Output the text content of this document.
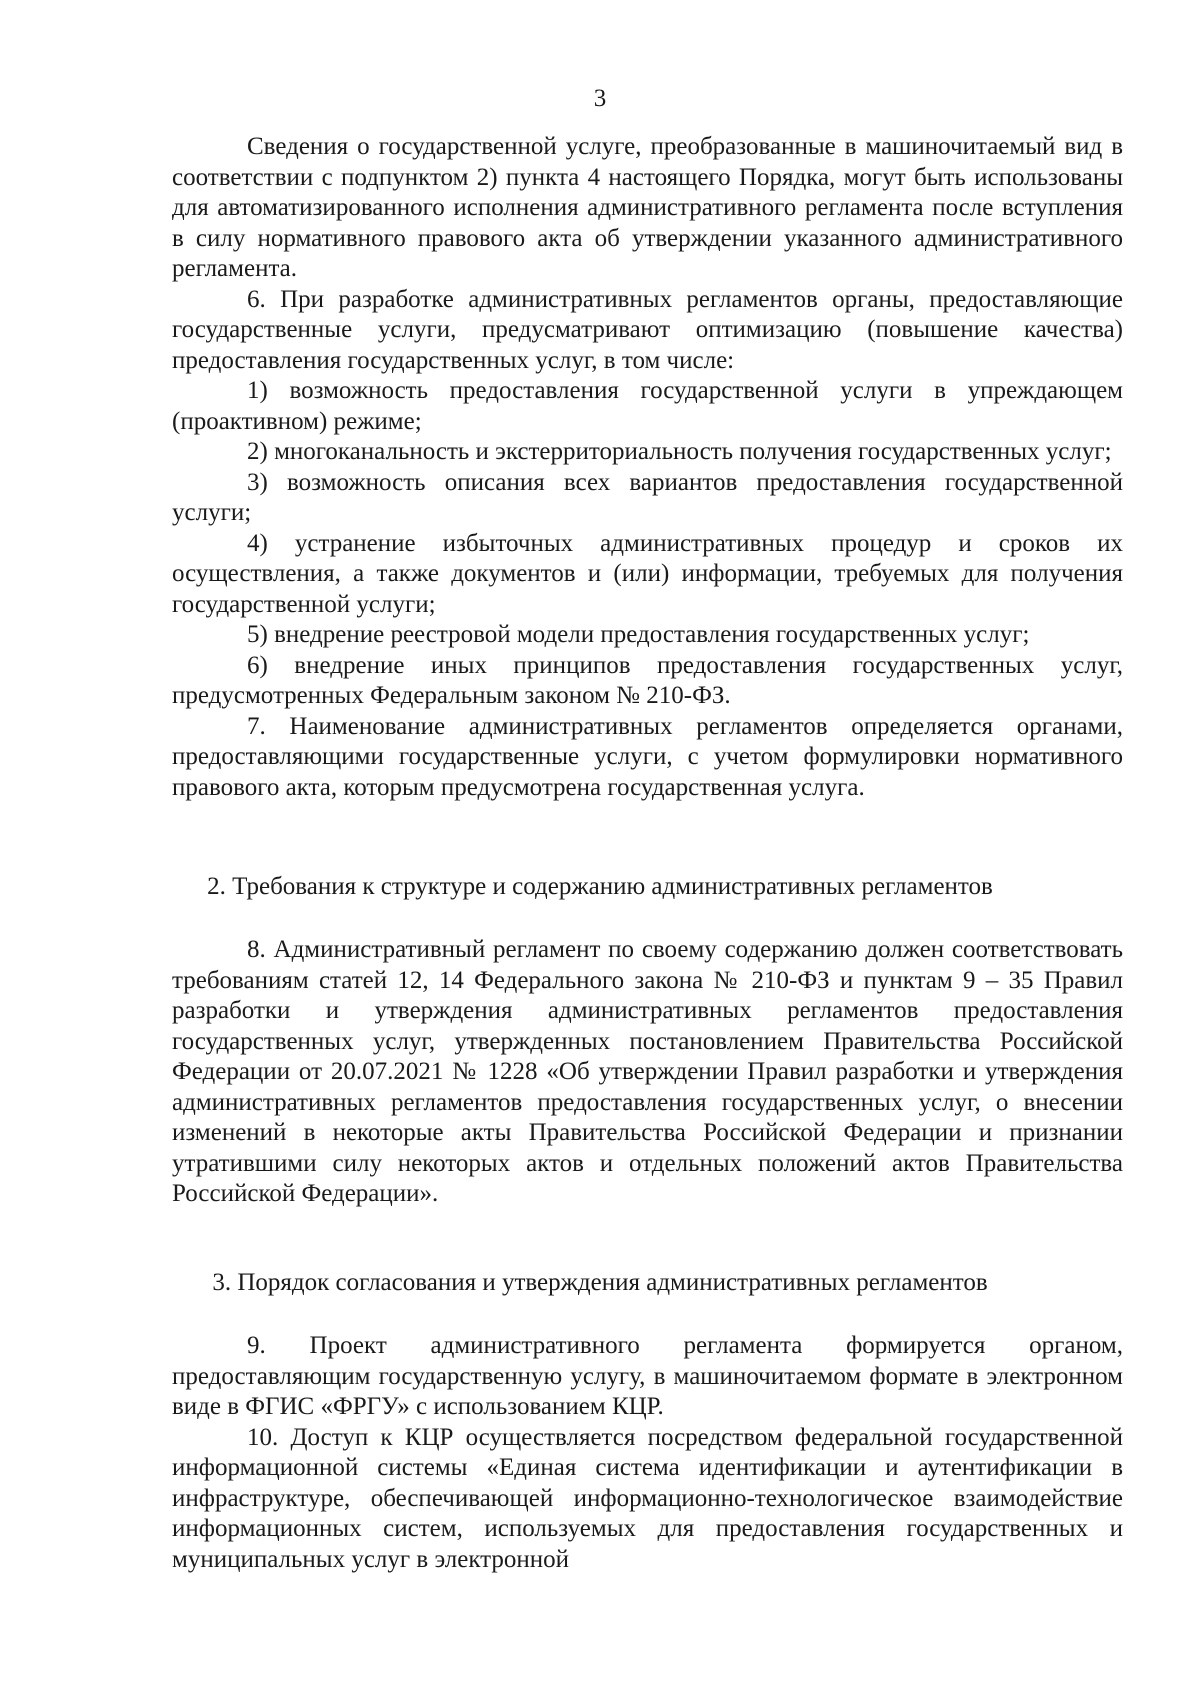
3

Сведения о государственной услуге, преобразованные в машиночитаемый вид в соответствии с подпунктом 2) пункта 4 настоящего Порядка, могут быть использованы для автоматизированного исполнения административного регламента после вступления в силу нормативного правового акта об утверждении указанного административного регламента.

6. При разработке административных регламентов органы, предоставляющие государственные услуги, предусматривают оптимизацию (повышение качества) предоставления государственных услуг, в том числе:

1) возможность предоставления государственной услуги в упреждающем (проактивном) режиме;

2) многоканальность и экстерриториальность получения государственных услуг;

3) возможность описания всех вариантов предоставления государственной услуги;

4) устранение избыточных административных процедур и сроков их осуществления, а также документов и (или) информации, требуемых для получения государственной услуги;

5) внедрение реестровой модели предоставления государственных услуг;

6) внедрение иных принципов предоставления государственных услуг, предусмотренных Федеральным законом № 210-ФЗ.

7. Наименование административных регламентов определяется органами, предоставляющими государственные услуги, с учетом формулировки нормативного правового акта, которым предусмотрена государственная услуга.

2. Требования к структуре и содержанию административных регламентов

8. Административный регламент по своему содержанию должен соответствовать требованиям статей 12, 14 Федерального закона № 210-ФЗ и пунктам 9 – 35 Правил разработки и утверждения административных регламентов предоставления государственных услуг, утвержденных постановлением Правительства Российской Федерации от 20.07.2021 № 1228 «Об утверждении Правил разработки и утверждения административных регламентов предоставления государственных услуг, о внесении изменений в некоторые акты Правительства Российской Федерации и признании утратившими силу некоторых актов и отдельных положений актов Правительства Российской Федерации».

3. Порядок согласования и утверждения административных регламентов

9. Проект административного регламента формируется органом, предоставляющим государственную услугу, в машиночитаемом формате в электронном виде в ФГИС «ФРГУ» с использованием КЦР.

10. Доступ к КЦР осуществляется посредством федеральной государственной информационной системы «Единая система идентификации и аутентификации в инфраструктуре, обеспечивающей информационно-технологическое взаимодействие информационных систем, используемых для предоставления государственных и муниципальных услуг в электронной
